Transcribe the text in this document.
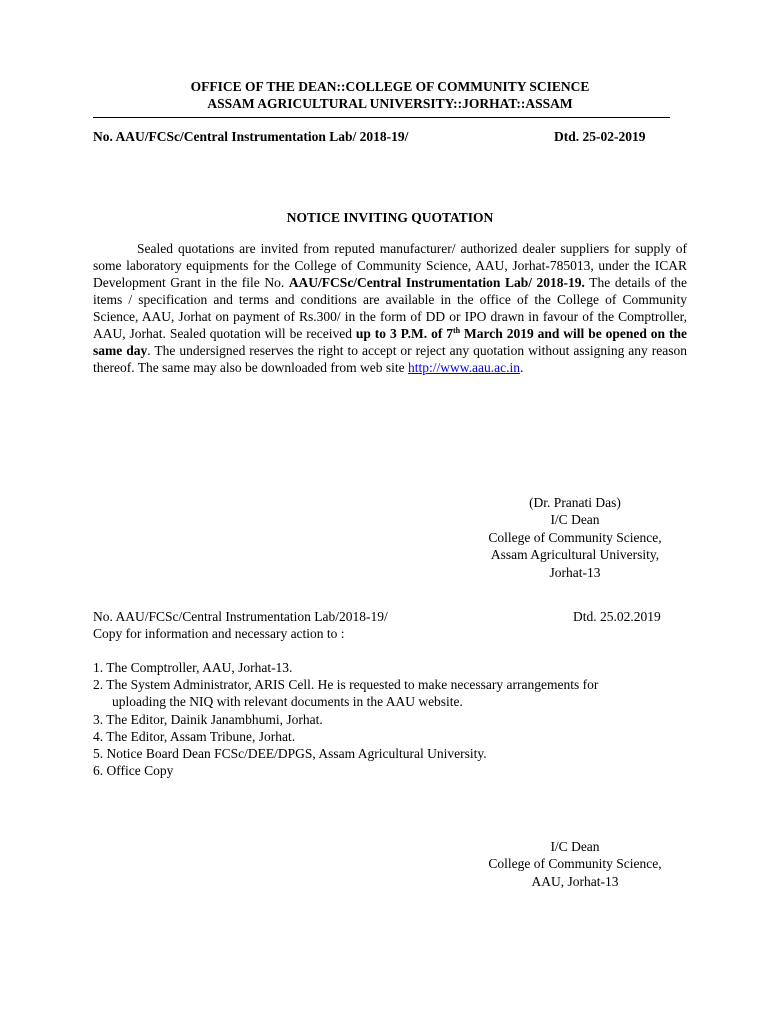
OFFICE OF THE DEAN::COLLEGE OF COMMUNITY SCIENCE
ASSAM AGRICULTURAL UNIVERSITY::JORHAT::ASSAM
No. AAU/FCSc/Central Instrumentation Lab/ 2018-19/	Dtd. 25-02-2019
NOTICE INVITING QUOTATION
Sealed quotations are invited from reputed manufacturer/ authorized dealer suppliers for supply of some laboratory equipments for the College of Community Science, AAU, Jorhat-785013, under the ICAR Development Grant in the file No. AAU/FCSc/Central Instrumentation Lab/ 2018-19. The details of the items / specification and terms and conditions are available in the office of the College of Community Science, AAU, Jorhat on payment of Rs.300/ in the form of DD or IPO drawn in favour of the Comptroller, AAU, Jorhat. Sealed quotation will be received up to 3 P.M. of 7th March 2019 and will be opened on the same day. The undersigned reserves the right to accept or reject any quotation without assigning any reason thereof. The same may also be downloaded from web site http://www.aau.ac.in.
(Dr. Pranati Das)
I/C Dean
College of Community Science,
Assam Agricultural University,
Jorhat-13
No. AAU/FCSc/Central Instrumentation Lab/2018-19/	Dtd. 25.02.2019
Copy for information and necessary action to :
1. The Comptroller, AAU, Jorhat-13.
2. The System Administrator, ARIS Cell. He is requested to make necessary arrangements for
uploading the NIQ with relevant documents in the AAU website.
3. The Editor, Dainik Janambhumi, Jorhat.
4. The Editor, Assam Tribune, Jorhat.
5. Notice Board Dean FCSc/DEE/DPGS, Assam Agricultural University.
6. Office Copy
I/C Dean
College of Community Science,
AAU, Jorhat-13
